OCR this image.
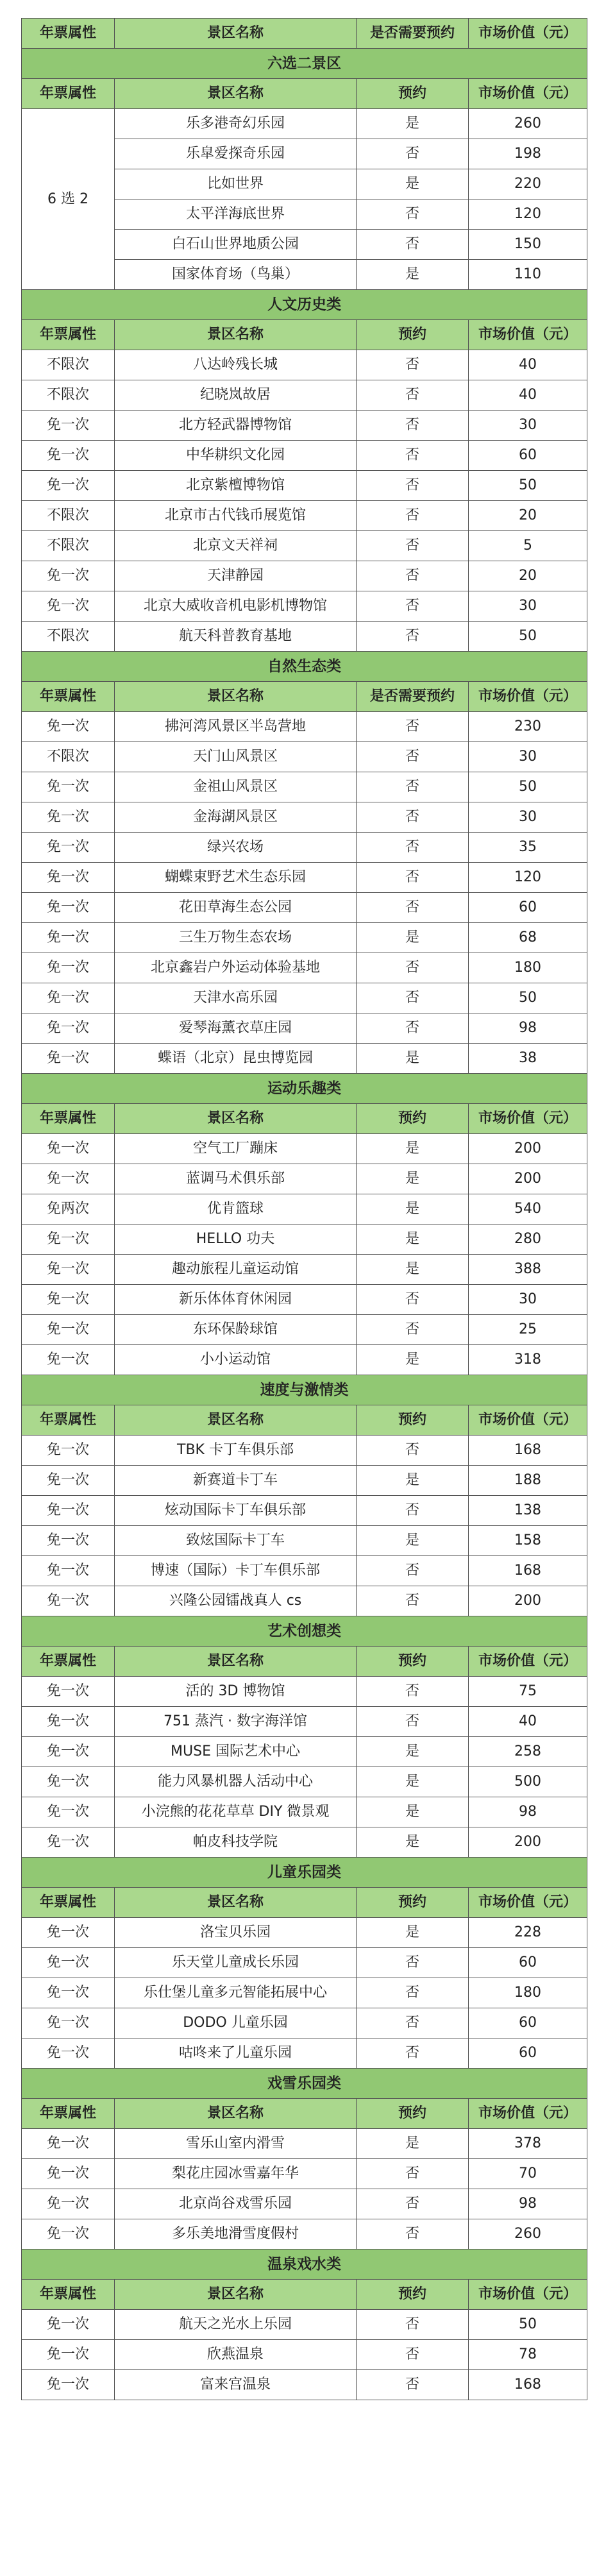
年票属性	景区名称	是否需要预约	市场价值（元）
六选二景区			
年票属性	景区名称	预约	市场价值（元）
6 选 2	乐多港奇幻乐园	是	260
	乐皐爱探奇乐园	否	198
	比如世界	是	220
	太平洋海底世界	否	120
	白石山世界地质公园	否	150
	国家体育场（鸟巢）	是	110
人文历史类			
年票属性	景区名称	预约	市场价值（元）
不限次	八达岭残长城	否	40
不限次	纪晓岚故居	否	40
免一次	北方轻武器博物馆	否	30
免一次	中华耕织文化园	否	60
免一次	北京紫檀博物馆	否	50
不限次	北京市古代钱币展览馆	否	20
不限次	北京文天祥祠	否	5
免一次	天津静园	否	20
免一次	北京大威收音机电影机博物馆	否	30
不限次	航天科普教育基地	否	50
自然生态类			
年票属性	景区名称	是否需要预约	市场价值（元）
免一次	拂河湾风景区半岛营地	否	230
不限次	天门山风景区	否	30
免一次	金祖山风景区	否	50
免一次	金海湖风景区	否	30
免一次	绿兴农场	否	35
免一次	蝴蝶束野艺术生态乐园	否	120
免一次	花田草海生态公园	否	60
免一次	三生万物生态农场	是	68
免一次	北京鑫岩户外运动体验基地	否	180
免一次	天津水高乐园	否	50
免一次	爱琴海薰衣草庄园	否	98
免一次	蝶语（北京）昆虫博览园	是	38
运动乐趣类			
年票属性	景区名称	预约	市场价值（元）
免一次	空气工厂蹦床	是	200
免一次	蓝调马术俱乐部	是	200
免两次	优肯篮球	是	540
免一次	HELLO 功夫	是	280
免一次	趣动旅程儿童运动馆	是	388
免一次	新乐体体育休闲园	否	30
免一次	东环保龄球馆	否	25
免一次	小小运动馆	是	318
速度与激情类			
年票属性	景区名称	预约	市场价值（元）
免一次	TBK 卡丁车俱乐部	否	168
免一次	新赛道卡丁车	是	188
免一次	炫动国际卡丁车俱乐部	否	138
免一次	致炫国际卡丁车	是	158
免一次	博速（国际）卡丁车俱乐部	否	168
免一次	兴隆公园镭战真人 cs	否	200
艺术创想类			
年票属性	景区名称	预约	市场价值（元）
免一次	活的 3D 博物馆	否	75
免一次	751 蒸汽 · 数字海洋馆	否	40
免一次	MUSE 国际艺术中心	是	258
免一次	能力风暴机器人活动中心	是	500
免一次	小浣熊的花花草草 DIY 微景观	是	98
免一次	帕皮科技学院	是	200
儿童乐园类			
年票属性	景区名称	预约	市场价值（元）
免一次	洛宝贝乐园	是	228
免一次	乐天堂儿童成长乐园	否	60
免一次	乐仕堡儿童多元智能拓展中心	否	180
免一次	DODO 儿童乐园	否	60
免一次	咕咚来了儿童乐园	否	60
戏雪乐园类			
年票属性	景区名称	预约	市场价值（元）
免一次	雪乐山室内滑雪	是	378
免一次	梨花庄园冰雪嘉年华	否	70
免一次	北京尚谷戏雪乐园	否	98
免一次	多乐美地滑雪度假村	否	260
温泉戏水类			
年票属性	景区名称	预约	市场价值（元）
免一次	航天之光水上乐园	否	50
免一次	欣燕温泉	否	78
免一次	富来宫温泉	否	168
